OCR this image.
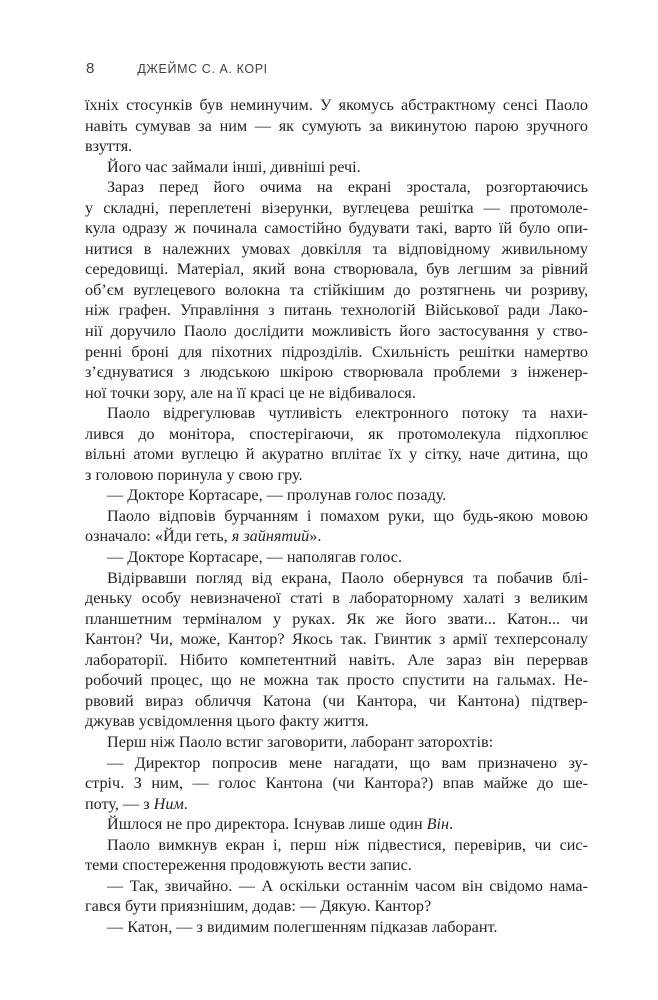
8	ДЖЕЙМС С. А. КОРІ
їхніх стосунків був неминучим. У якомусь абстрактному сенсі Паоло
навіть сумував за ним — як сумують за викинутою парою зручного
взуття.
Його час займали інші, дивніші речі.
Зараз перед його очима на екрані зростала, розгортаючись
у складні, переплетені візерунки, вуглецева решітка — протомоле-
кула одразу ж починала самостійно будувати такі, варто їй було опи-
нитися в належних умовах довкілля та відповідному живильному
середовищі. Матеріал, який вона створювала, був легшим за рівний
об’єм вуглецевого волокна та стійкішим до розтягнень чи розриву,
ніж графен. Управління з питань технологій Військової ради Лако-
нії доручило Паоло дослідити можливість його застосування у ство-
ренні броні для піхотних підрозділів. Схильність решітки намертво
з’єднуватися з людською шкірою створювала проблеми з інженер-
ної точки зору, але на її красі це не відбивалося.
Паоло відрегулював чутливість електронного потоку та нахи-
лився до монітора, спостерігаючи, як протомолекула підхоплює
вільні атоми вуглецю й акуратно вплітає їх у сітку, наче дитина, що
з головою поринула у свою гру.
— Докторе Кортасаре, — пролунав голос позаду.
Паоло відповів бурчанням і помахом руки, що будь-якою мовою
означало: «Йди геть, я зайнятий».
— Докторе Кортасаре, — наполягав голос.
Відірвавши погляд від екрана, Паоло обернувся та побачив блі-
деньку особу невизначеної статі в лабораторному халаті з великим
планшетним терміналом у руках. Як же його звати... Катон... чи
Кантон? Чи, може, Кантор? Якось так. Гвинтик з армії техперсоналу
лабораторії. Нібито компетентний навіть. Але зараз він перервав
робочий процес, що не можна так просто спустити на гальмах. Не-
рвовий вираз обличчя Катона (чи Кантора, чи Кантона) підтвер-
джував усвідомлення цього факту життя.
Перш ніж Паоло встиг заговорити, лаборант заторохтів:
— Директор попросив мене нагадати, що вам призначено зу-
стріч. З ним, — голос Кантона (чи Кантора?) впав майже до ше-
поту, — з Ним.
Йшлося не про директора. Існував лише один Він.
Паоло вимкнув екран і, перш ніж підвестися, перевірив, чи сис-
теми спостереження продовжують вести запис.
— Так, звичайно. — А оскільки останнім часом він свідомо нама-
гався бути приязнішим, додав: — Дякую. Кантор?
— Катон, — з видимим полегшенням підказав лаборант.
